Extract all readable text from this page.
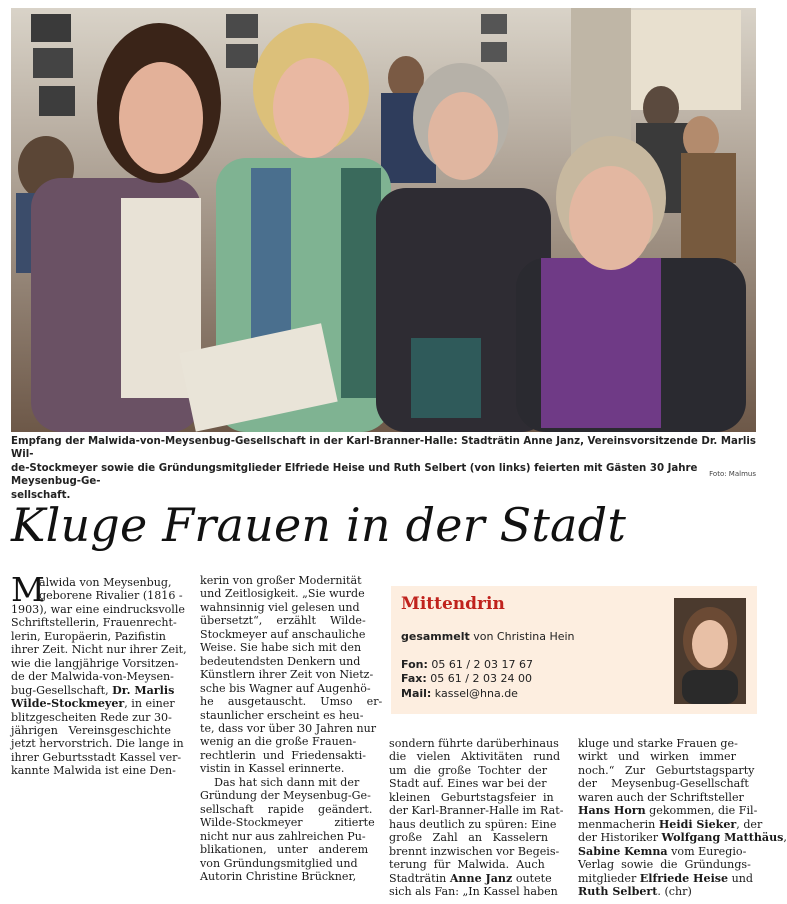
Empfang der Malwida-von-Meysenbug-Gesellschaft in der Karl-Branner-Halle: Stadträtin Anne Janz, Vereinsvorsitzende Dr. Marlis Wil-
de-Stockmeyer sowie die Gründungsmitglieder Elfriede Heise und Ruth Selbert (von links) feierten mit Gästen 30 Jahre Meysenbug-Ge-
sellschaft.
Foto: Malmus
Kluge Frauen in der Stadt
M

alwida von Meysenbug,

geborene Rivalier (1816 -

1903), war eine eindrucksvolle

Schriftstellerin, Frauenrecht-

lerin, Europäerin, Pazifistin

ihrer Zeit. Nicht nur ihrer Zeit,

wie die langjährige Vorsitzen-

de der Malwida-von-Meysen-

bug-Gesellschaft, Dr. Marlis

Wilde-Stockmeyer, in einer

blitzgescheiten Rede zur 30-

jährigen   Vereinsgeschichte

jetzt hervorstrich. Die lange in

ihrer Geburtsstadt Kassel ver-

kannte Malwida ist eine Den-

kerin von großer Modernität

und Zeitlosigkeit. „Sie wurde

wahnsinnig viel gelesen und

übersetzt“,    erzählt    Wilde-

Stockmeyer auf anschauliche

Weise. Sie habe sich mit den

bedeutendsten Denkern und

Künstlern ihrer Zeit von Nietz-

sche bis Wagner auf Augenhö-

he    ausgetauscht.    Umso    er-

staunlicher erscheint es heu-

te, dass vor über 30 Jahren nur

wenig an die große Frauen-

rechtlerin  und  Friedensakti-

vistin in Kassel erinnerte.

Das hat sich dann mit der

Gründung der Meysenbug-Ge-

sellschaft    rapide    geändert.

Wilde-Stockmeyer         zitierte

nicht nur aus zahlreichen Pu-

blikationen,   unter   anderem

von Gründungsmitglied und

Autorin Christine Brückner,

Mittendrin
gesammelt von Christina Hein
Fon: 05 61 / 2 03 17 67
Fax: 05 61 / 2 03 24 00
Mail: kassel@hna.de

sondern führte darüberhinaus

die   vielen   Aktivitäten   rund

um  die  große  Tochter  der

Stadt auf. Eines war bei der

kleinen   Geburtstagsfeier  in

der Karl-Branner-Halle im Rat-

haus deutlich zu spüren: Eine

große   Zahl   an   Kasselern

brennt inzwischen vor Begeis-

terung  für  Malwida.  Auch

Stadträtin Anne Janz outete

sich als Fan: „In Kassel haben

kluge und starke Frauen ge-

wirkt   und   wirken   immer

noch.“   Zur   Geburtstagsparty

der    Meysenbug-Gesellschaft

waren auch der Schriftsteller

Hans Horn gekommen, die Fil-

menmacherin Heidi Sieker, der

der Historiker Wolfgang Matthäus,

Sabine Kemna vom Euregio-

Verlag  sowie  die  Gründungs-

mitglieder Elfriede Heise und

Ruth Selbert. (chr)
